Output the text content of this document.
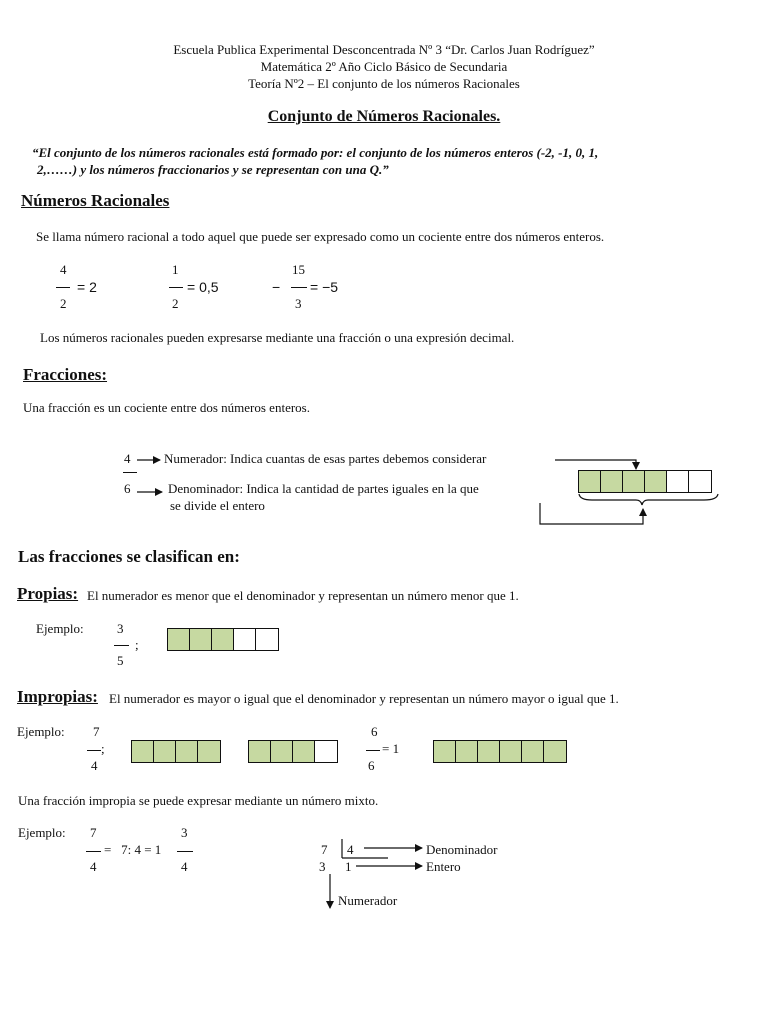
Escuela Publica Experimental Desconcentrada Nº 3 “Dr. Carlos Juan Rodríguez”
Matemática 2º Año Ciclo Básico de Secundaria
Teoría Nº2 – El conjunto de los números Racionales
Conjunto de Números Racionales.
“El conjunto de los números racionales está formado por: el conjunto de los números enteros (-2, -1, 0, 1,
2,……) y los números fraccionarios y se representan con una Q.”
Números Racionales
Se llama número racional a todo aquel que puede ser expresado como un cociente entre dos números enteros.
4
2
= 2
1
2
= 0,5
15
−
3
= −5
Los números racionales pueden expresarse mediante una fracción o una expresión decimal.
Fracciones:
Una fracción es un cociente entre dos números enteros.
4
6
Numerador: Indica cuantas de esas partes debemos considerar
Denominador: Indica la cantidad de partes iguales en la que
se divide el entero
Las fracciones se clasifican en:
Propias: El numerador es menor que el denominador y representan un número menor que 1.
Ejemplo:	3
;
5
Impropias: El numerador es mayor o igual que el denominador y representan un número mayor o igual que 1.
Ejemplo: 7
;
4
6
= 1
6
Una fracción impropia se puede expresar mediante un número mixto.
Ejemplo: 7
4
=   7: 4 = 1
3
4
7 4
3 1
Denominador
Entero
Numerador
